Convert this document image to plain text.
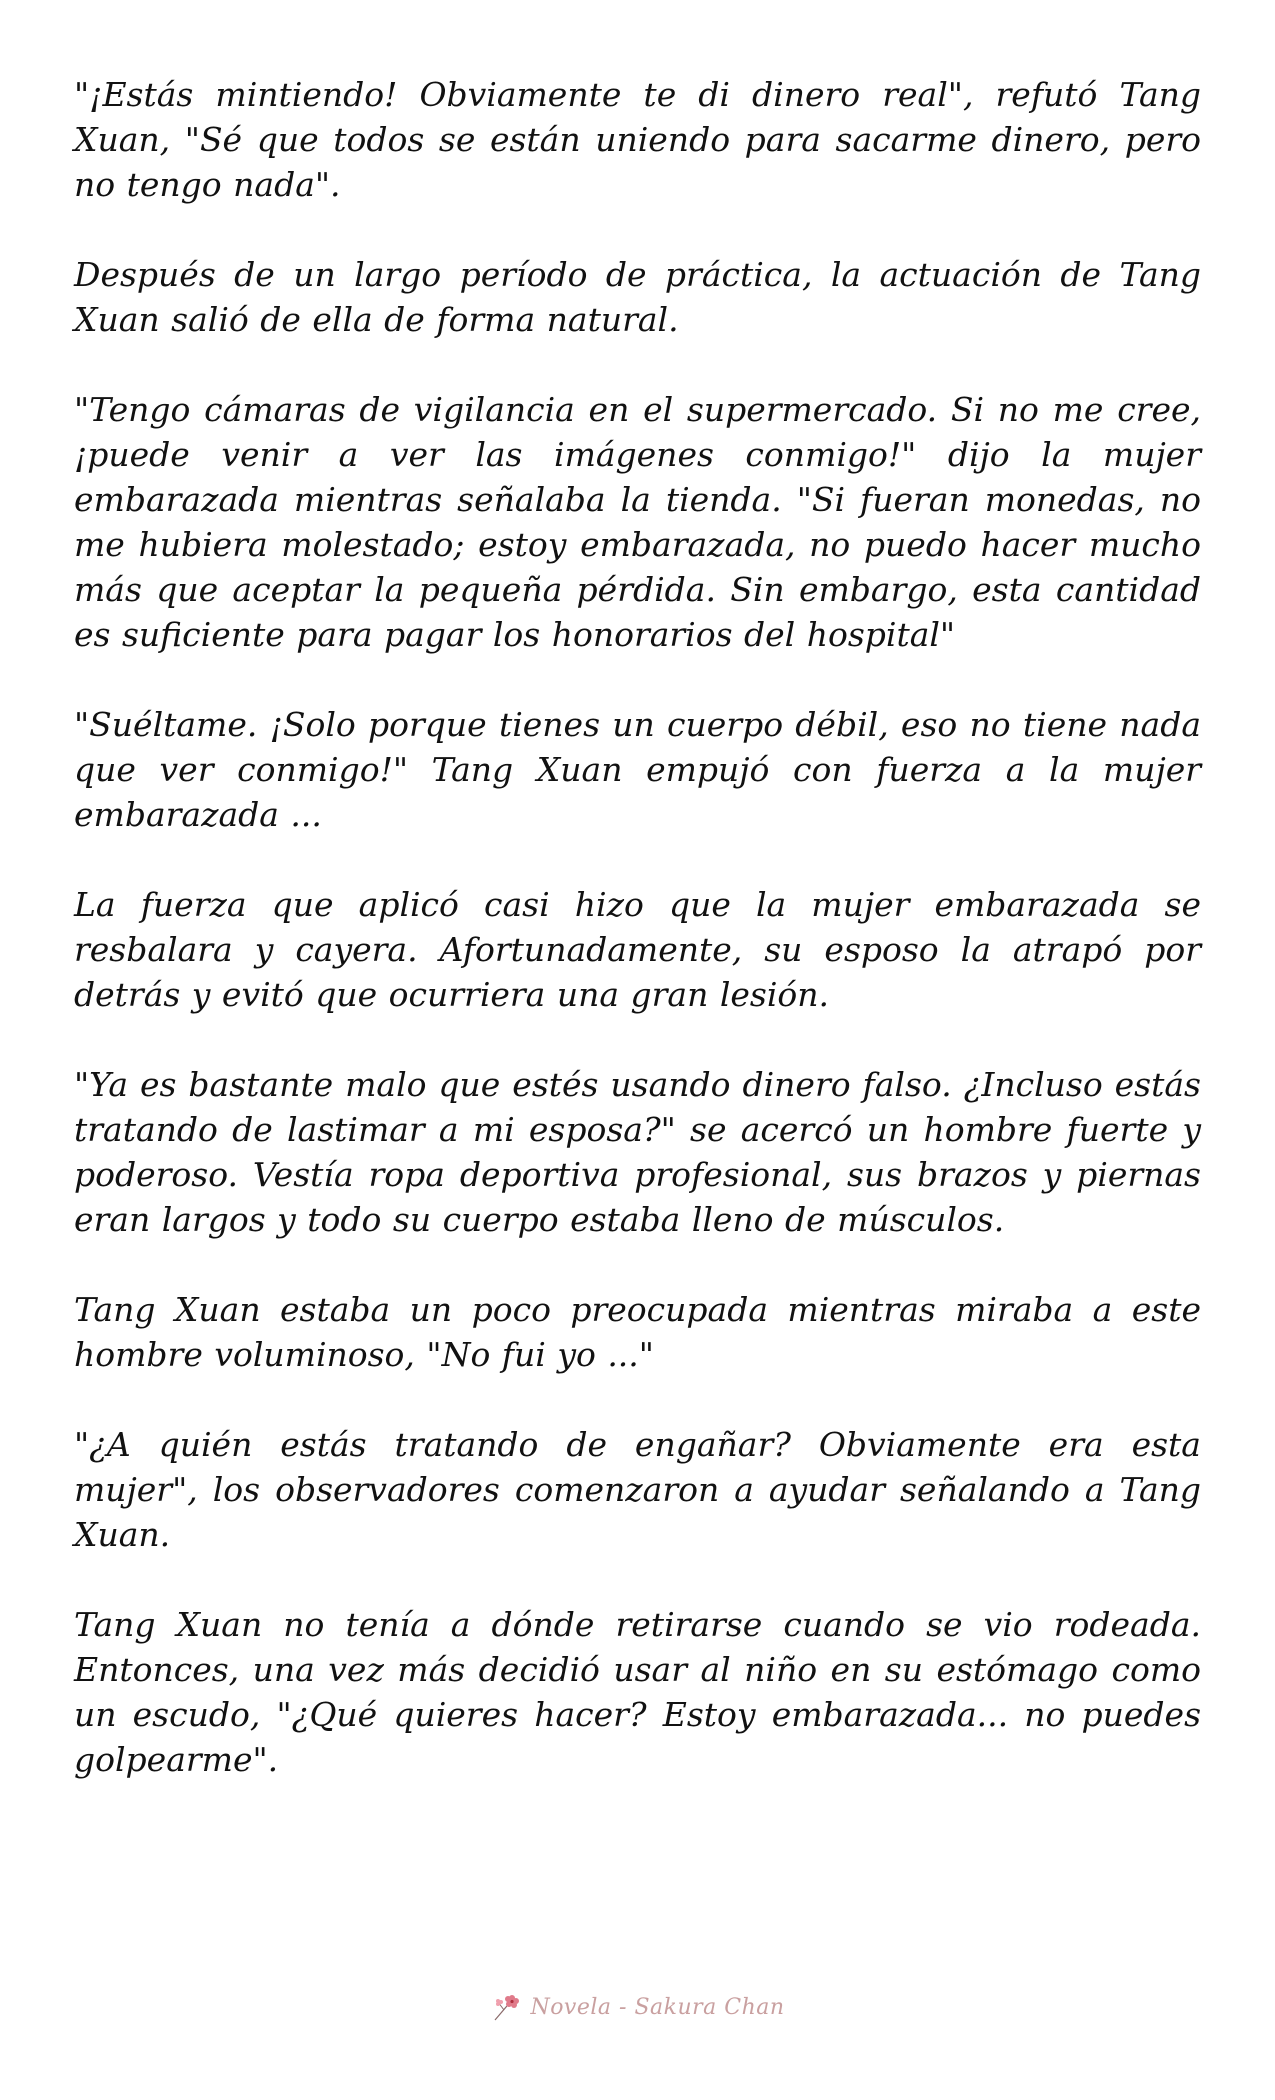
"¡Estás mintiendo! Obviamente te di dinero real", refutó Tang Xuan, "Sé que todos se están uniendo para sacarme dinero, pero no tengo nada".

Después de un largo período de práctica, la actuación de Tang Xuan salió de ella de forma natural.

"Tengo cámaras de vigilancia en el supermercado. Si no me cree, ¡puede venir a ver las imágenes conmigo!" dijo la mujer embarazada mientras señalaba la tienda. "Si fueran monedas, no me hubiera molestado; estoy embarazada, no puedo hacer mucho más que aceptar la pequeña pérdida. Sin embargo, esta cantidad es suficiente para pagar los honorarios del hospital"

"Suéltame. ¡Solo porque tienes un cuerpo débil, eso no tiene nada que ver conmigo!" Tang Xuan empujó con fuerza a la mujer embarazada ...

La fuerza que aplicó casi hizo que la mujer embarazada se resbalara y cayera. Afortunadamente, su esposo la atrapó por detrás y evitó que ocurriera una gran lesión.

"Ya es bastante malo que estés usando dinero falso. ¿Incluso estás tratando de lastimar a mi esposa?" se acercó un hombre fuerte y poderoso. Vestía ropa deportiva profesional, sus brazos y piernas eran largos y todo su cuerpo estaba lleno de músculos.

Tang Xuan estaba un poco preocupada mientras miraba a este hombre voluminoso, "No fui yo ..."

"¿A quién estás tratando de engañar? Obviamente era esta mujer", los observadores comenzaron a ayudar señalando a Tang Xuan.

Tang Xuan no tenía a dónde retirarse cuando se vio rodeada. Entonces, una vez más decidió usar al niño en su estómago como un escudo, "¿Qué quieres hacer? Estoy embarazada... no puedes golpearme".

Novela - Sakura Chan
